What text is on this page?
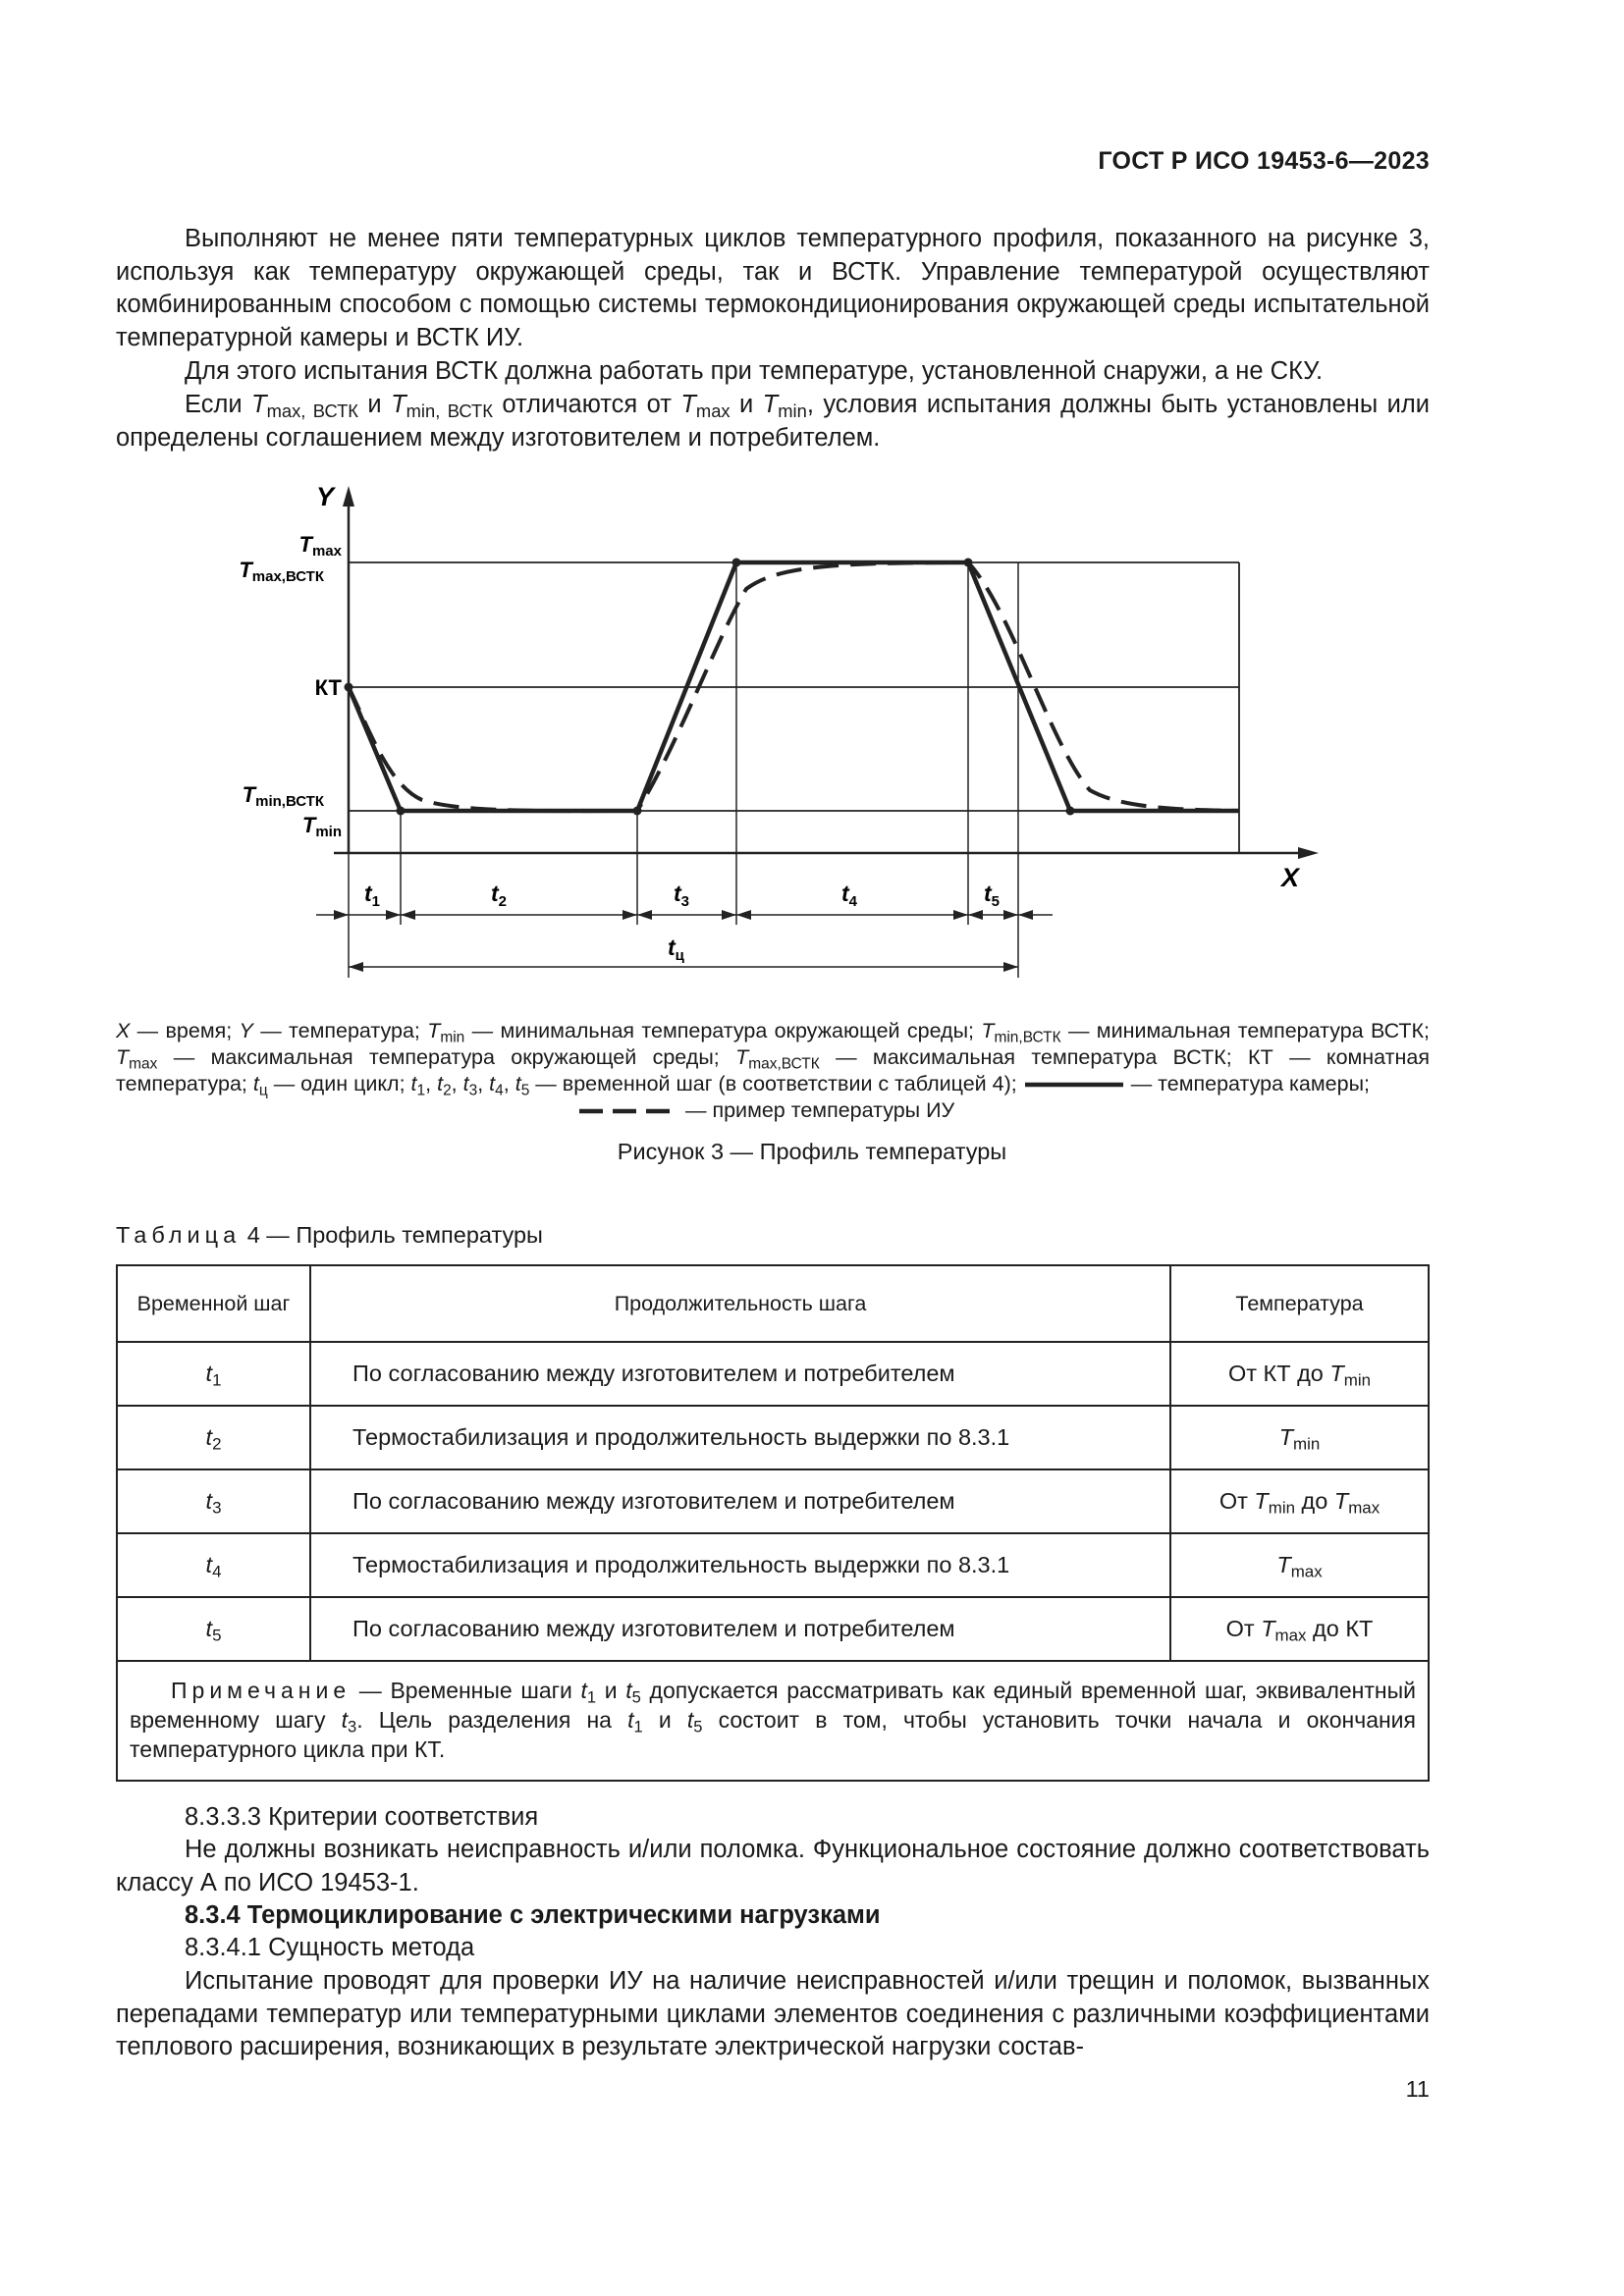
ГОСТ Р ИСО 19453-6—2023
Выполняют не менее пяти температурных циклов температурного профиля, показанного на рисунке 3, используя как температуру окружающей среды, так и ВСТК. Управление температурой осуществляют комбинированным способом с помощью системы термокондиционирования окружающей среды испытательной температурной камеры и ВСТК ИУ.
Для этого испытания ВСТК должна работать при температуре, установленной снаружи, а не СКУ.
Если $T_{max, ВСТК}$ и $T_{min, ВСТК}$ отличаются от $T_{max}$ и $T_{min}$, условия испытания должны быть установлены или определены соглашением между изготовителем и потребителем.
Y
X
Tmax
Tmax,ВСТК
КТ
Tmin,ВСТК
Tmin
$t_1$	$t_2$	$t_3$	$t_4$	$t_5$
$t_ц$
X — время; Y — температура; $T_{min}$ — минимальная температура окружающей среды; $T_{min,ВСТК}$ — минимальная температура ВСТК; $T_{max}$ — максимальная температура окружающей среды; $T_{max,ВСТК}$ — максимальная температура ВСТК; КТ — комнатная температура; $t_ц$ — один цикл; $t_1$, $t_2$, $t_3$, $t_4$, $t_5$ — временной шаг (в соответствии с таблицей 4);	— температура камеры;
— пример температуры ИУ
Рисунок 3 — Профиль температуры
Таблица 4 — Профиль температуры
Временной шаг	Продолжительность шага	Температура
$t_1$	По согласованию между изготовителем и потребителем	От КТ до $T_{min}$
$t_2$	Термостабилизация и продолжительность выдержки по 8.3.1	$T_{min}$
$t_3$	По согласованию между изготовителем и потребителем	От $T_{min}$ до $T_{max}$
$t_4$	Термостабилизация и продолжительность выдержки по 8.3.1	$T_{max}$
$t_5$	По согласованию между изготовителем и потребителем	От $T_{max}$ до КТ
Примечание — Временные шаги $t_1$ и $t_5$ допускается рассматривать как единый временной шаг, эквивалентный временному шагу $t_3$. Цель разделения на $t_1$ и $t_5$ состоит в том, чтобы установить точки начала и окончания температурного цикла при КТ.		
8.3.3.3 Критерии соответствия
Не должны возникать неисправность и/или поломка. Функциональное состояние должно соответствовать классу А по ИСО 19453-1.
8.3.4 Термоциклирование с электрическими нагрузками
8.3.4.1 Сущность метода
Испытание проводят для проверки ИУ на наличие неисправностей и/или трещин и поломок, вызванных перепадами температур или температурными циклами элементов соединения с различными коэффициентами теплового расширения, возникающих в результате электрической нагрузки состав-
11
